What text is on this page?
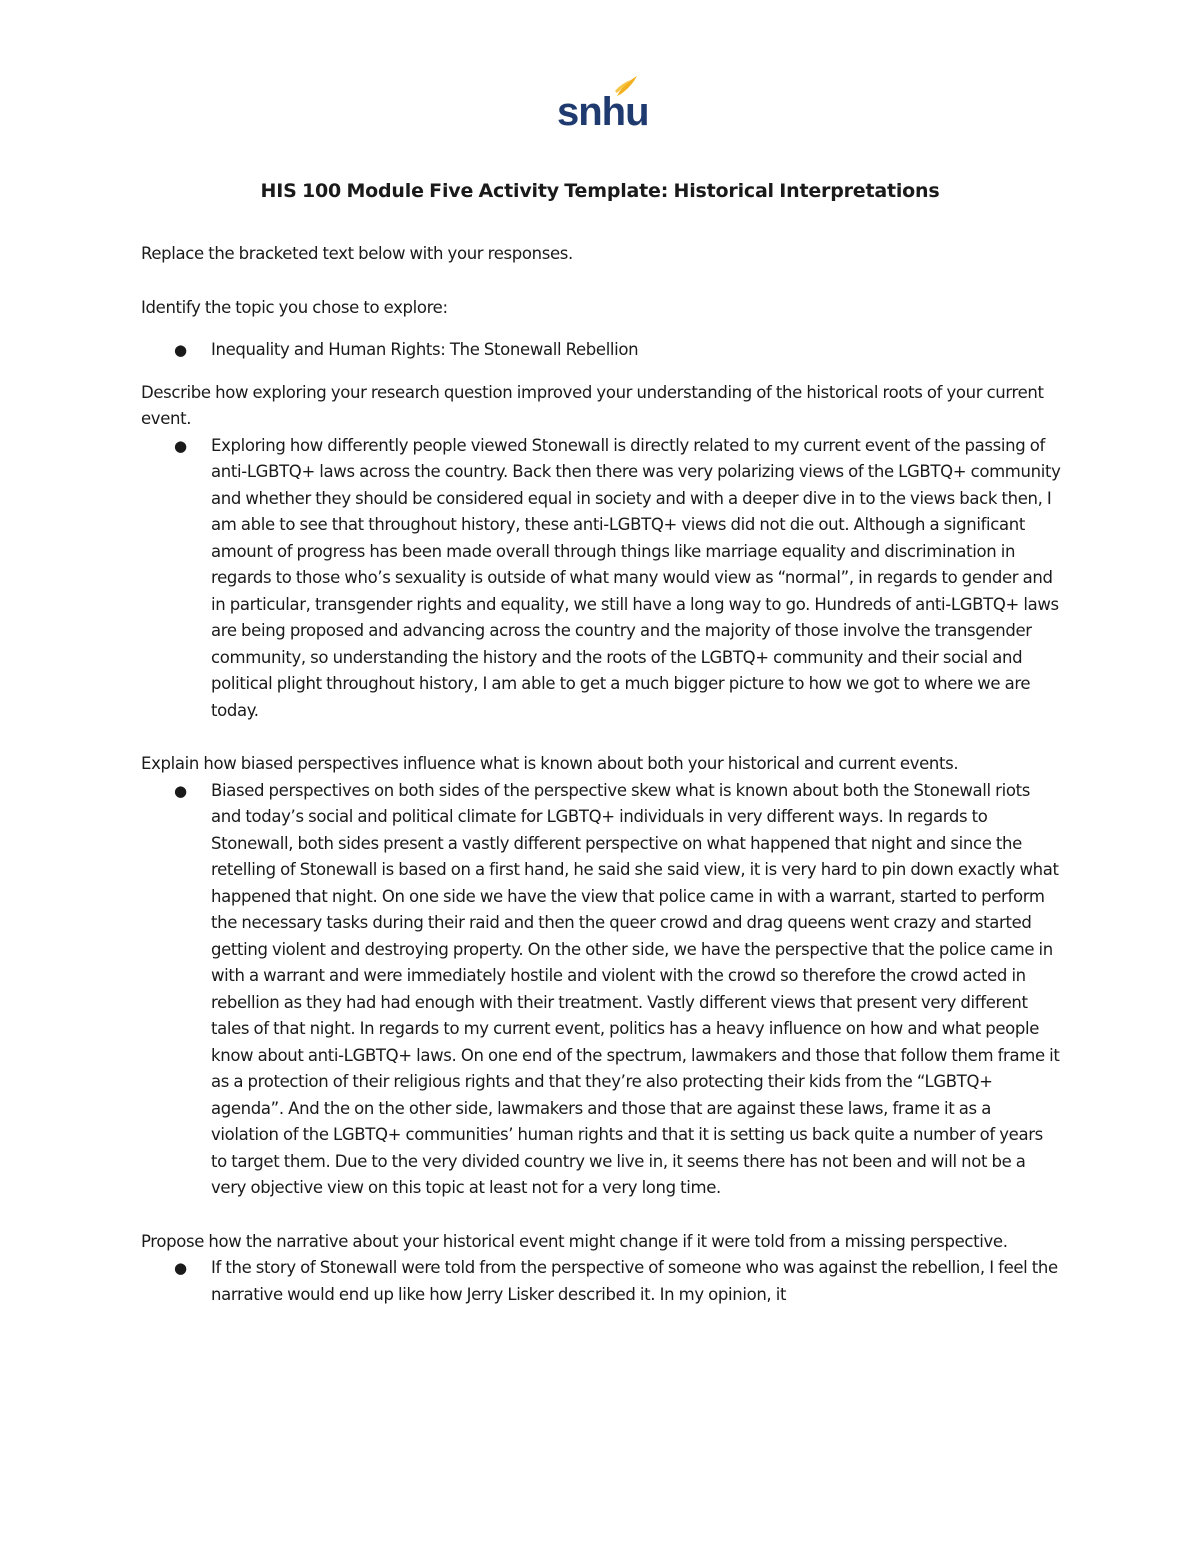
snhu
HIS 100 Module Five Activity Template: Historical Interpretations

Replace the bracketed text below with your responses.

Identify the topic you chose to explore:

● Inequality and Human Rights: The Stonewall Rebellion

Describe how exploring your research question improved your understanding of the historical roots of your current event.

● Exploring how differently people viewed Stonewall is directly related to my current event of the passing of anti-LGBTQ+ laws across the country. Back then there was very polarizing views of the LGBTQ+ community and whether they should be considered equal in society and with a deeper dive in to the views back then, I am able to see that throughout history, these anti-LGBTQ+ views did not die out. Although a significant amount of progress has been made overall through things like marriage equality and discrimination in regards to those who’s sexuality is outside of what many would view as “normal”, in regards to gender and in particular, transgender rights and equality, we still have a long way to go. Hundreds of anti-LGBTQ+ laws are being proposed and advancing across the country and the majority of those involve the transgender community, so understanding the history and the roots of the LGBTQ+ community and their social and political plight throughout history, I am able to get a much bigger picture to how we got to where we are today.

Explain how biased perspectives influence what is known about both your historical and current events.

● Biased perspectives on both sides of the perspective skew what is known about both the Stonewall riots and today’s social and political climate for LGBTQ+ individuals in very different ways. In regards to Stonewall, both sides present a vastly different perspective on what happened that night and since the retelling of Stonewall is based on a first hand, he said she said view, it is very hard to pin down exactly what happened that night. On one side we have the view that police came in with a warrant, started to perform the necessary tasks during their raid and then the queer crowd and drag queens went crazy and started getting violent and destroying property. On the other side, we have the perspective that the police came in with a warrant and were immediately hostile and violent with the crowd so therefore the crowd acted in rebellion as they had had enough with their treatment. Vastly different views that present very different tales of that night. In regards to my current event, politics has a heavy influence on how and what people know about anti-LGBTQ+ laws. On one end of the spectrum, lawmakers and those that follow them frame it as a protection of their religious rights and that they’re also protecting their kids from the “LGBTQ+ agenda”. And the on the other side, lawmakers and those that are against these laws, frame it as a violation of the LGBTQ+ communities’ human rights and that it is setting us back quite a number of years to target them. Due to the very divided country we live in, it seems there has not been and will not be a very objective view on this topic at least not for a very long time.

Propose how the narrative about your historical event might change if it were told from a missing perspective.

● If the story of Stonewall were told from the perspective of someone who was against the rebellion, I feel the narrative would end up like how Jerry Lisker described it. In my opinion, it
